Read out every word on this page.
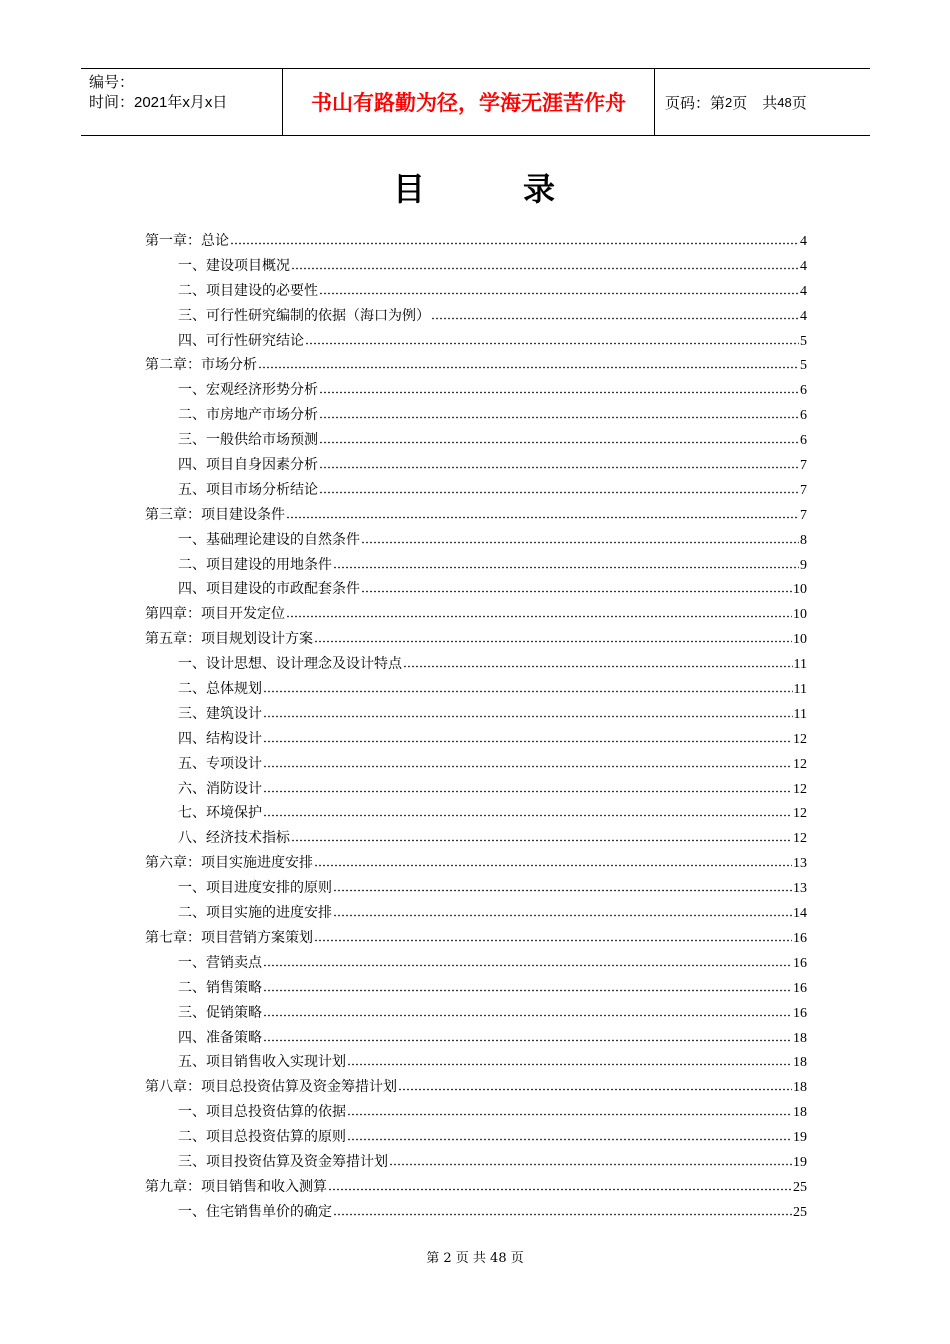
编号：
时间：2021年x月x日	书山有路勤为径，学海无涯苦作舟	页码：第 2 页　共 48 页
目	录
第一章：总论	4
一、建设项目概况	4
二、项目建设的必要性	4
三、可行性研究编制的依据（海口为例）	4
四、可行性研究结论	5
第二章：市场分析	5
一、宏观经济形势分析	6
二、市房地产市场分析	6
三、一般供给市场预测	6
四、项目自身因素分析	7
五、项目市场分析结论	7
第三章：项目建设条件	7
一、基础理论建设的自然条件	8
二、项目建设的用地条件	9
四、项目建设的市政配套条件	10
第四章：项目开发定位	10
第五章：项目规划设计方案	10
一、设计思想、设计理念及设计特点	11
二、总体规划	11
三、建筑设计	11
四、结构设计	12
五、专项设计	12
六、消防设计	12
七、环境保护	12
八、经济技术指标	12
第六章：项目实施进度安排	13
一、项目进度安排的原则	13
二、项目实施的进度安排	14
第七章：项目营销方案策划	16
一、营销卖点	16
二、销售策略	16
三、促销策略	16
四、准备策略	18
五、项目销售收入实现计划	18
第八章：项目总投资估算及资金筹措计划	18
一、项目总投资估算的依据	18
二、项目总投资估算的原则	19
三、项目投资估算及资金筹措计划	19
第九章：项目销售和收入测算	25
一、住宅销售单价的确定	25
第 2 页 共 48 页
